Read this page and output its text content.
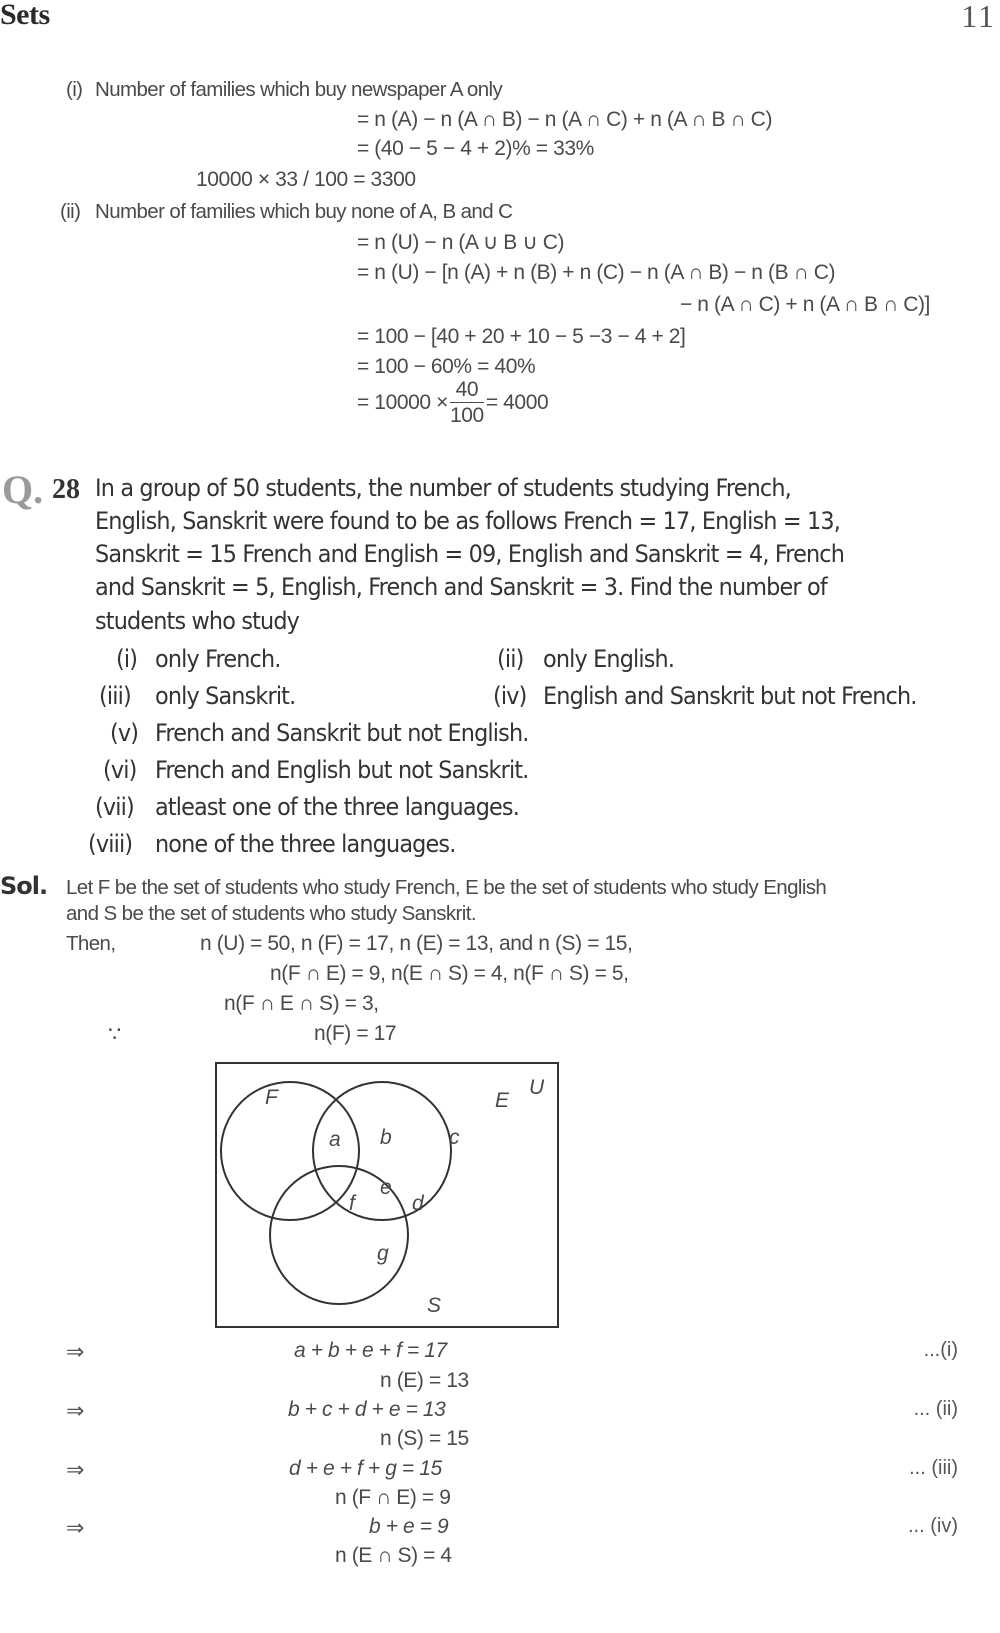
Sets	11
(i) Number of families which buy newspaper A only
= n (A) − n (A ∩ B) − n (A ∩ C) + n (A ∩ B ∩ C)
= (40 − 5 − 4 + 2)% = 33%
10000 × 33 / 100 = 3300
(ii) Number of families which buy none of A, B and C
= n (U) − n (A ∪ B ∪ C)
= n (U) − [n (A) + n (B) + n (C) − n (A ∩ B) − n (B ∩ C)
− n (A ∩ C) + n (A ∩ B ∩ C)]
= 100 − [40 + 20 + 10 − 5 −3 − 4 + 2]
= 100 − 60% = 40%
= $10000 \times \frac{40}{100} = 4000$
Q. 28 In a group of 50 students, the number of students studying French,
English, Sanskrit were found to be as follows French = 17, English = 13,
Sanskrit = 15 French and English = 09, English and Sanskrit = 4, French
and Sanskrit = 5, English, French and Sanskrit = 3. Find the number of
students who study
(i) only French.	(ii) only English.
(iii) only Sanskrit.	(iv) English and Sanskrit but not French.
(v) French and Sanskrit but not English.
(vi) French and English but not Sanskrit.
(vii) atleast one of the three languages.
(viii) none of the three languages.
Sol. Let F be the set of students who study French, E be the set of students who study English
and S be the set of students who study Sanskrit.
Then,	n (U) = 50, n (F) = 17, n (E) = 13, and n (S) = 15,
n(F ∩ E) = 9, n(E ∩ S) = 4, n(F ∩ S) = 5,
n(F ∩ E ∩ S) = 3,
∵	n(F) = 17
F	E
U
S
a b	c
d
e
f
g
⇒	a + b + e + f = 17	...(i)
n (E) = 13
⇒	b + c + d + e = 13	... (ii)
n (S) = 15
⇒	d + e + f + g = 15	... (iii)
n (F ∩ E) = 9
⇒	b + e = 9	... (iv)
n (E ∩ S) = 4
